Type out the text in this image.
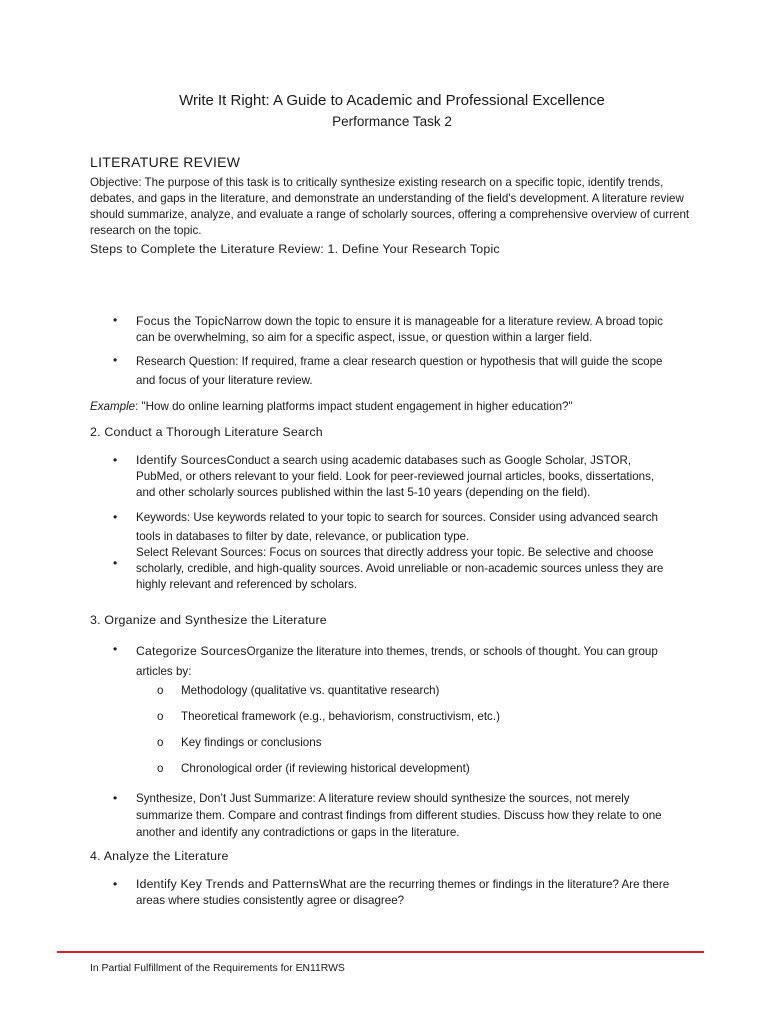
Write It Right: A Guide to Academic and Professional Excellence
Performance Task 2
LITERATURE REVIEW
Objective: The purpose of this task is to critically synthesize existing research on a specific topic, identify trends, debates, and gaps in the literature, and demonstrate an understanding of the field's development. A literature review should summarize, analyze, and evaluate a range of scholarly sources, offering a comprehensive overview of current research on the topic.
Steps to Complete the Literature Review: 1. Define Your Research Topic
• Focus the TopicNarrow down the topic to ensure it is manageable for a literature review. A broad topic can be overwhelming, so aim for a specific aspect, issue, or question within a larger field.
• Research Question: If required, frame a clear research question or hypothesis that will guide the scope and focus of your literature review.
Example: "How do online learning platforms impact student engagement in higher education?"
2. Conduct a Thorough Literature Search
• Identify SourcesConduct a search using academic databases such as Google Scholar, JSTOR, PubMed, or others relevant to your field. Look for peer-reviewed journal articles, books, dissertations, and other scholarly sources published within the last 5-10 years (depending on the field).
• Keywords: Use keywords related to your topic to search for sources. Consider using advanced search tools in databases to filter by date, relevance, or publication type.
•
Select Relevant Sources: Focus on sources that directly address your topic. Be selective and choose scholarly, credible, and high-quality sources. Avoid unreliable or non-academic sources unless they are highly relevant and referenced by scholars.
3. Organize and Synthesize the Literature
• Categorize SourcesOrganize the literature into themes, trends, or schools of thought. You can group articles by:
o Methodology (qualitative vs. quantitative research)
o Theoretical framework (e.g., behaviorism, constructivism, etc.)
o Key findings or conclusions
o Chronological order (if reviewing historical development)
• Synthesize, Don’t Just Summarize: A literature review should synthesize the sources, not merely summarize them. Compare and contrast findings from different studies. Discuss how they relate to one another and identify any contradictions or gaps in the literature.
4. Analyze the Literature
• Identify Key Trends and PatternsWhat are the recurring themes or findings in the literature? Are there areas where studies consistently agree or disagree?
In Partial Fulfillment of the Requirements for EN11RWS
